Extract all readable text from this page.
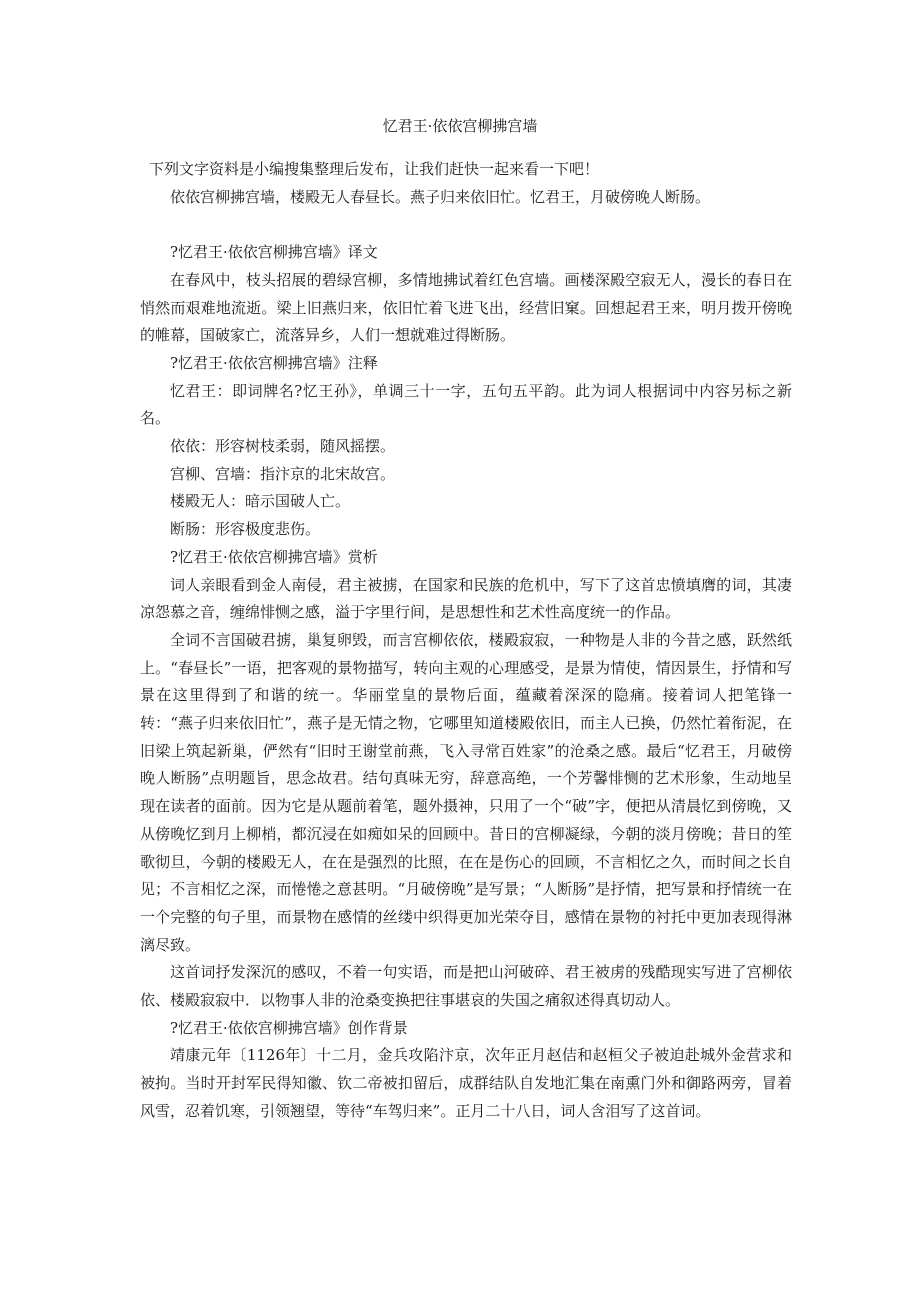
忆君王·依依宫柳拂宫墙

下列文字资料是小编搜集整理后发布，让我们赶快一起来看一下吧！

依依宫柳拂宫墙，楼殿无人春昼长。燕子归来依旧忙。忆君王，月破傍晚人断肠。

?忆君王·依依宫柳拂宫墙》译文

在春风中，枝头招展的碧绿宫柳，多情地拂试着红色宫墙。画楼深殿空寂无人，漫长的春日在悄然而艰难地流逝。梁上旧燕归来，依旧忙着飞进飞出，经营旧窠。回想起君王来，明月拨开傍晚的帷幕，国破家亡，流落异乡，人们一想就难过得断肠。

?忆君王·依依宫柳拂宫墙》注释

忆君王：即词牌名?忆王孙》，单调三十一字，五句五平韵。此为词人根据词中内容另标之新名。

依依：形容树枝柔弱，随风摇摆。

宫柳、宫墙：指汴京的北宋故宫。

楼殿无人：暗示国破人亡。

断肠：形容极度悲伤。

?忆君王·依依宫柳拂宫墙》赏析

词人亲眼看到金人南侵，君主被掳，在国家和民族的危机中，写下了这首忠愤填膺的词，其凄凉怨慕之音，缠绵悱恻之感，溢于字里行间，是思想性和艺术性高度统一的作品。

全词不言国破君掳，巢复卵毁，而言宫柳依依，楼殿寂寂，一种物是人非的今昔之感，跃然纸上。“春昼长”一语，把客观的景物描写，转向主观的心理感受，是景为情使，情因景生，抒情和写景在这里得到了和谐的统一。华丽堂皇的景物后面，蕴藏着深深的隐痛。接着词人把笔锋一转：“燕子归来依旧忙”，燕子是无情之物，它哪里知道楼殿依旧，而主人已换，仍然忙着衔泥，在旧梁上筑起新巢，俨然有“旧时王谢堂前燕，飞入寻常百姓家”的沧桑之感。最后“忆君王，月破傍晚人断肠”点明题旨，思念故君。结句真味无穷，辞意高绝，一个芳馨悱恻的艺术形象，生动地呈现在读者的面前。因为它是从题前着笔，题外摄神，只用了一个“破”字，便把从清晨忆到傍晚，又从傍晚忆到月上柳梢，都沉浸在如痴如呆的回顾中。昔日的宫柳凝绿，今朝的淡月傍晚；昔日的笙歌彻旦，今朝的楼殿无人，在在是强烈的比照，在在是伤心的回顾，不言相忆之久，而时间之长自见；不言相忆之深，而惓惓之意甚明。“月破傍晚”是写景；“人断肠”是抒情，把写景和抒情统一在一个完整的句子里，而景物在感情的丝缕中织得更加光荣夺目，感情在景物的衬托中更加表现得淋漓尽致。

这首词抒发深沉的感叹，不着一句实语，而是把山河破碎、君王被虏的残酷现实写进了宫柳依依、楼殿寂寂中．以物事人非的沧桑变换把往事堪哀的失国之痛叙述得真切动人。

?忆君王·依依宫柳拂宫墙》创作背景

靖康元年〔1126年〕十二月，金兵攻陷汴京，次年正月赵佶和赵桓父子被迫赴城外金营求和被拘。当时开封军民得知徽、钦二帝被扣留后，成群结队自发地汇集在南熏门外和御路两旁，冒着风雪，忍着饥寒，引领翘望，等待“车驾归来”。正月二十八日，词人含泪写了这首词。
